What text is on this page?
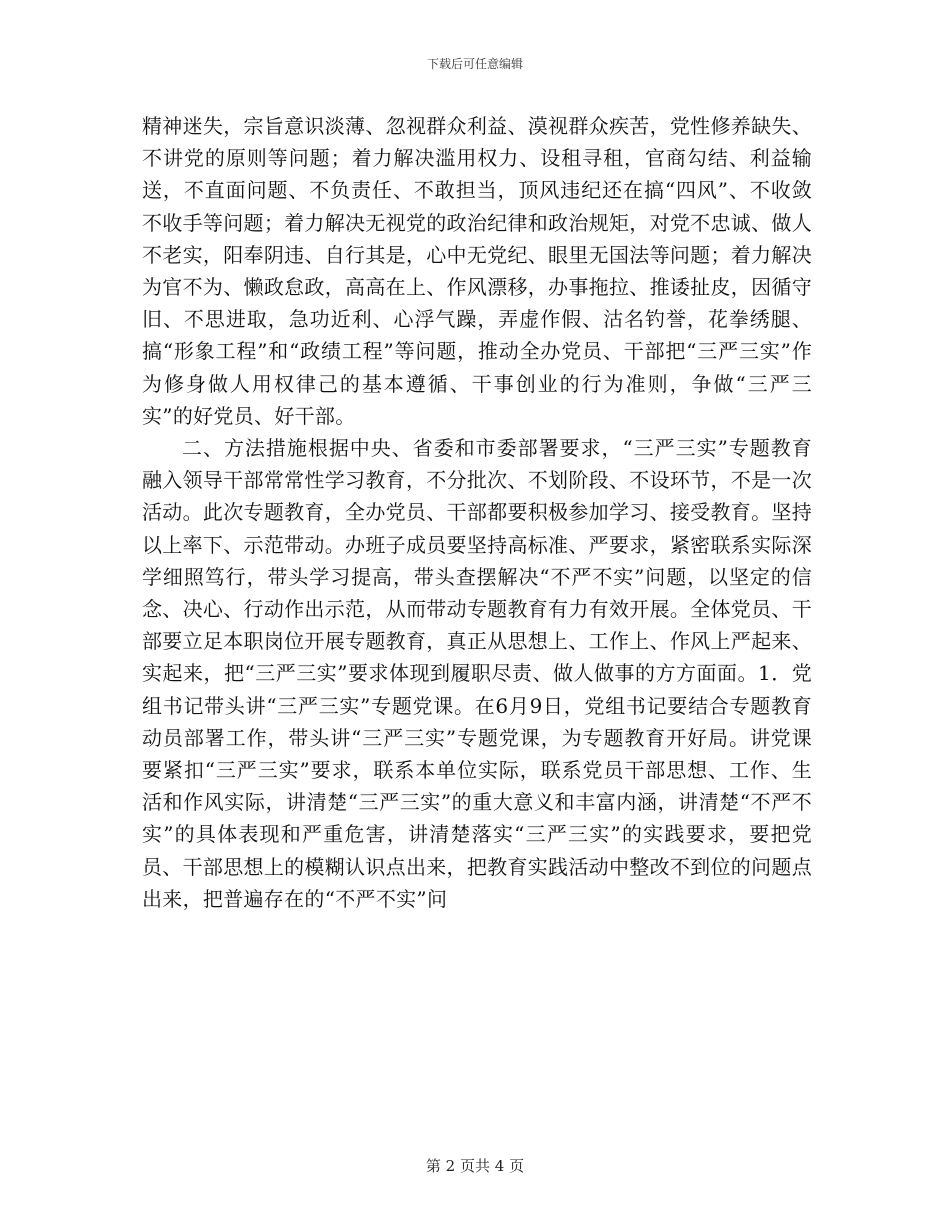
下载后可任意编辑

精神迷失，宗旨意识淡薄、忽视群众利益、漠视群众疾苦，党性修养缺失、不讲党的原则等问题；着力解决滥用权力、设租寻租，官商勾结、利益输送，不直面问题、不负责任、不敢担当，顶风违纪还在搞“四风”、不收敛不收手等问题；着力解决无视党的政治纪律和政治规矩，对党不忠诚、做人不老实，阳奉阴违、自行其是，心中无党纪、眼里无国法等问题；着力解决为官不为、懒政怠政，高高在上、作风漂移，办事拖拉、推诿扯皮，因循守旧、不思进取，急功近利、心浮气躁，弄虚作假、沽名钓誉，花拳绣腿、搞“形象工程”和“政绩工程”等问题，推动全办党员、干部把“三严三实”作为修身做人用权律己的基本遵循、干事创业的行为准则，争做“三严三实”的好党员、好干部。

二、方法措施根据中央、省委和市委部署要求，“三严三实”专题教育融入领导干部常常性学习教育，不分批次、不划阶段、不设环节，不是一次活动。此次专题教育，全办党员、干部都要积极参加学习、接受教育。坚持以上率下、示范带动。办班子成员要坚持高标准、严要求，紧密联系实际深学细照笃行，带头学习提高，带头查摆解决“不严不实”问题，以坚定的信念、决心、行动作出示范，从而带动专题教育有力有效开展。全体党员、干部要立足本职岗位开展专题教育，真正从思想上、工作上、作风上严起来、实起来，把“三严三实”要求体现到履职尽责、做人做事的方方面面。1．党组书记带头讲“三严三实”专题党课。在6月9日，党组书记要结合专题教育动员部署工作，带头讲“三严三实”专题党课，为专题教育开好局。讲党课要紧扣“三严三实”要求，联系本单位实际，联系党员干部思想、工作、生活和作风实际，讲清楚“三严三实”的重大意义和丰富内涵，讲清楚“不严不实”的具体表现和严重危害，讲清楚落实“三严三实”的实践要求，要把党员、干部思想上的模糊认识点出来，把教育实践活动中整改不到位的问题点出来，把普遍存在的“不严不实”问

第 2 页共 4 页
